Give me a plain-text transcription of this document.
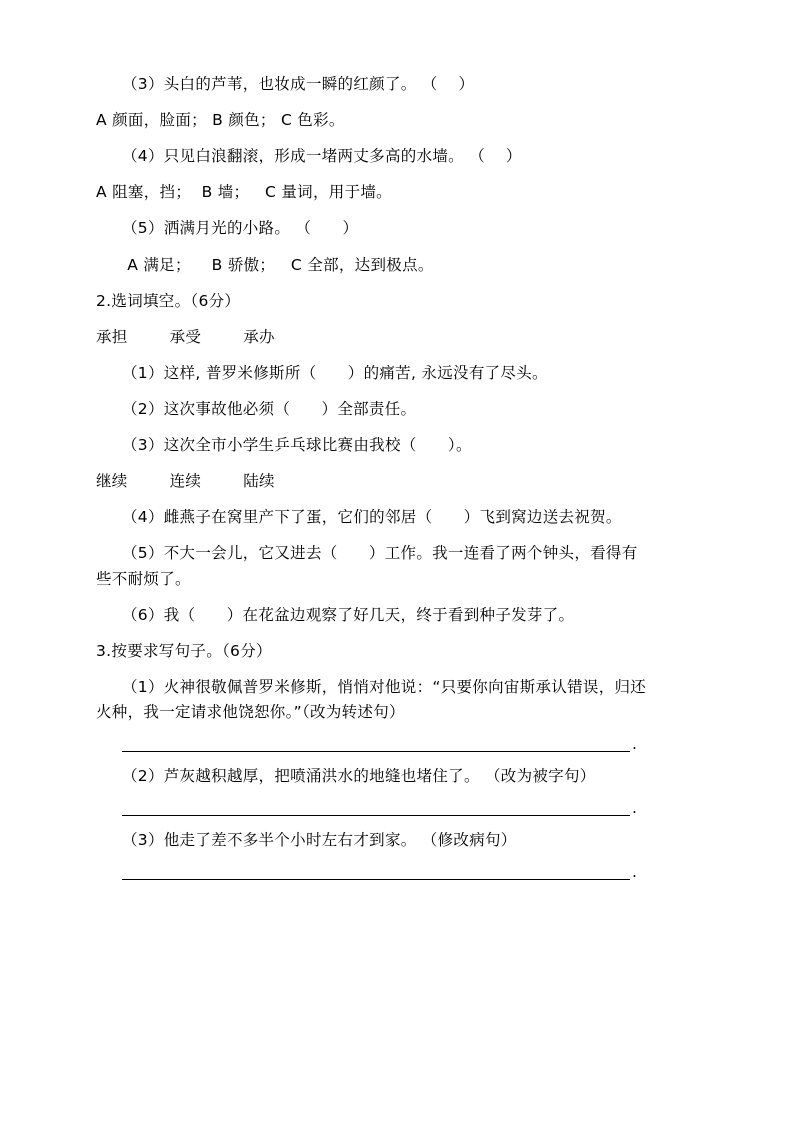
（3）头白的芦苇，也妆成一瞬的红颜了。 （    ）

A 颜面，脸面； B 颜色； C 色彩。

（4）只见白浪翻滚，形成一堵两丈多高的水墙。 （    ）

A 阻塞，挡；  B 墙；   C 量词，用于墙。

（5）洒满月光的小路。 （      ）

A 满足；    B 骄傲；   C 全部，达到极点。

2.选词填空。（6分）

承担	承受	承办

（1）这样, 普罗米修斯所（      ）的痛苦, 永远没有了尽头。

（2）这次事故他必须（      ）全部责任。

（3）这次全市小学生乒乓球比赛由我校（      ）。

继续	连续	陆续

（4）雌燕子在窝里产下了蛋，它们的邻居（      ）飞到窝边送去祝贺。

（5）不大一会儿，它又进去（      ）工作。我一连看了两个钟头，看得有
些不耐烦了。

（6）我（      ）在花盆边观察了好几天，终于看到种子发芽了。

3.按要求写句子。（6分）

（1）火神很敬佩普罗米修斯，悄悄对他说：“只要你向宙斯承认错误，归还
火种，我一定请求他饶恕你。”（改为转述句）
.

（2）芦灰越积越厚，把喷涌洪水的地缝也堵住了。 （改为被字句）

.

（3）他走了差不多半个小时左右才到家。 （修改病句）

.
